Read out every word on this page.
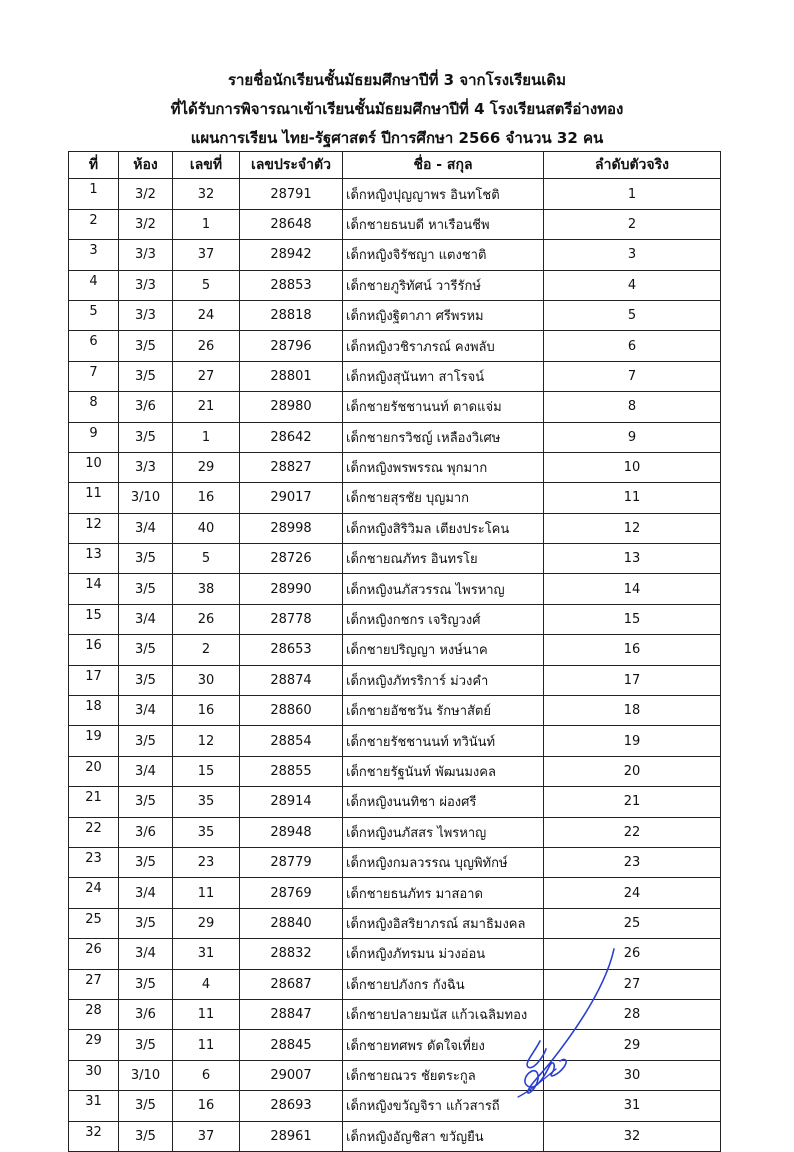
รายชื่อนักเรียนชั้นมัธยมศึกษาปีที่ 3 จากโรงเรียนเดิม
ที่ได้รับการพิจารณาเข้าเรียนชั้นมัธยมศึกษาปีที่ 4 โรงเรียนสตรีอ่างทอง
แผนการเรียน ไทย-รัฐศาสตร์ ปีการศึกษา 2566 จำนวน 32 คน
ที่	ห้อง	เลขที่	เลขประจำตัว	ชื่อ - สกุล	ลำดับตัวจริง
1	3/2	32	28791	เด็กหญิงปุญญาพร อินทโชติ	1
2	3/2	1	28648	เด็กชายธนบดี หาเรือนชีพ	2
3	3/3	37	28942	เด็กหญิงจิรัชญา แตงชาติ	3
4	3/3	5	28853	เด็กชายภูริทัศน์ วารีรักษ์	4
5	3/3	24	28818	เด็กหญิงฐิตาภา ศรีพรหม	5
6	3/5	26	28796	เด็กหญิงวชิราภรณ์ คงพลับ	6
7	3/5	27	28801	เด็กหญิงสุนันทา สาโรจน์	7
8	3/6	21	28980	เด็กชายรัชชานนท์ ตาดแจ่ม	8
9	3/5	1	28642	เด็กชายกรวิชญ์ เหลืองวิเศษ	9
10	3/3	29	28827	เด็กหญิงพรพรรณ พุกมาก	10
11	3/10	16	29017	เด็กชายสุรชัย บุญมาก	11
12	3/4	40	28998	เด็กหญิงสิริวิมล เตียงประโคน	12
13	3/5	5	28726	เด็กชายณภัทร อินทรโย	13
14	3/5	38	28990	เด็กหญิงนภัสวรรณ ไพรหาญ	14
15	3/4	26	28778	เด็กหญิงกชกร เจริญวงศ์	15
16	3/5	2	28653	เด็กชายปริญญา หงษ์นาค	16
17	3/5	30	28874	เด็กหญิงภัทรริการ์ ม่วงคำ	17
18	3/4	16	28860	เด็กชายอัชชวัน รักษาสัตย์	18
19	3/5	12	28854	เด็กชายรัชชานนท์ ทวินันท์	19
20	3/4	15	28855	เด็กชายรัฐนันท์ พัฒนมงคล	20
21	3/5	35	28914	เด็กหญิงนนทิชา ผ่องศรี	21
22	3/6	35	28948	เด็กหญิงนภัสสร ไพรหาญ	22
23	3/5	23	28779	เด็กหญิงกมลวรรณ บุญพิทักษ์	23
24	3/4	11	28769	เด็กชายธนภัทร มาสอาด	24
25	3/5	29	28840	เด็กหญิงอิสริยาภรณ์ สมาธิมงคล	25
26	3/4	31	28832	เด็กหญิงภัทรมน ม่วงอ่อน	26
27	3/5	4	28687	เด็กชายปภังกร กังฉิน	27
28	3/6	11	28847	เด็กชายปลายมนัส แก้วเฉลิมทอง	28
29	3/5	11	28845	เด็กชายทศพร ดัดใจเที่ยง	29
30	3/10	6	29007	เด็กชายณวร ชัยตระกูล	30
31	3/5	16	28693	เด็กหญิงขวัญจิรา แก้วสารถี	31
32	3/5	37	28961	เด็กหญิงอัญชิสา ขวัญยืน	32
